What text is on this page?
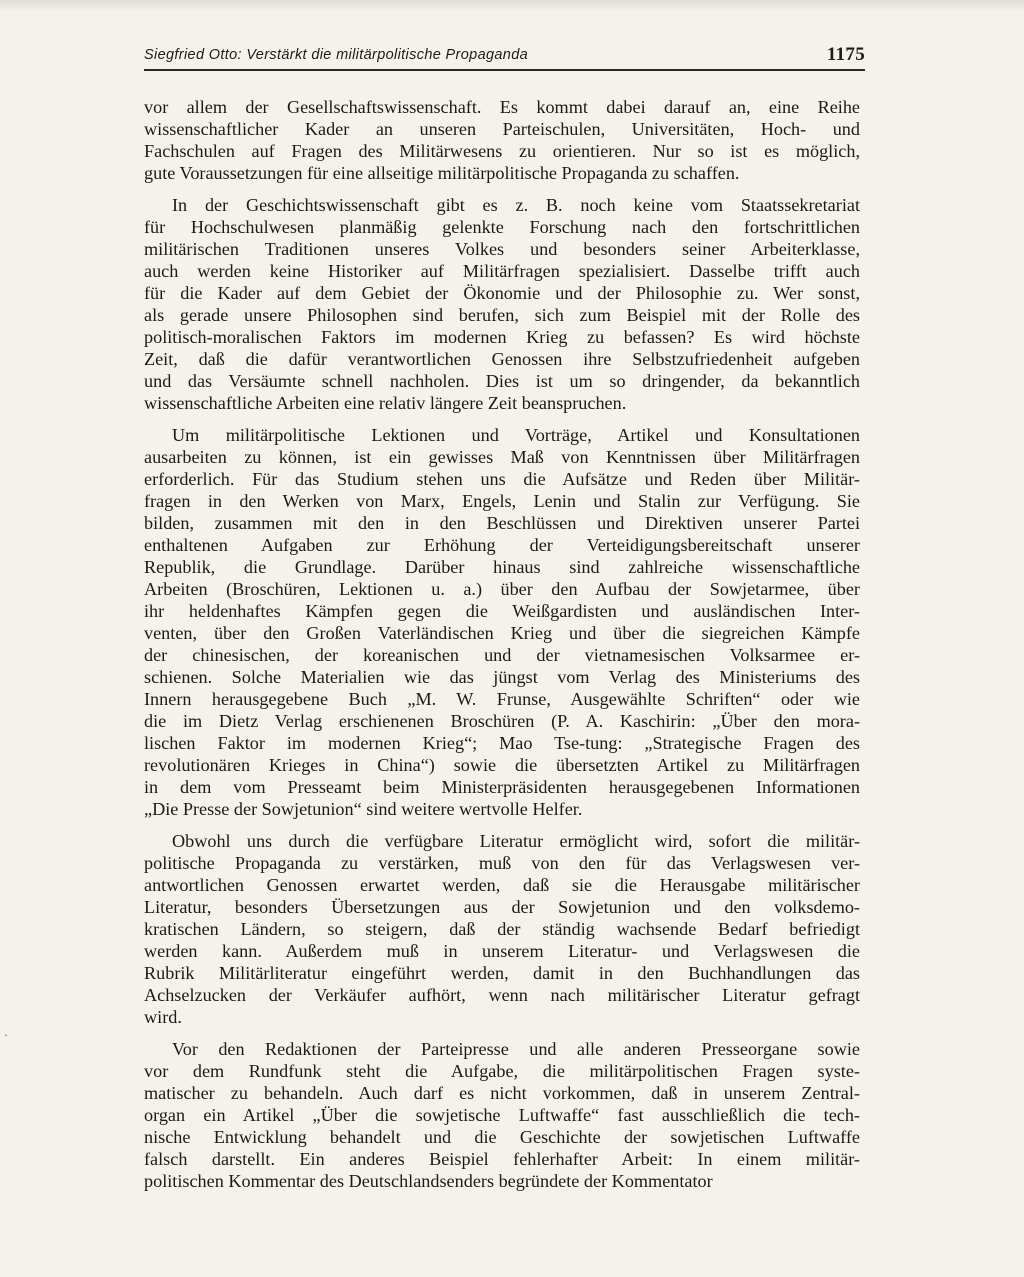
Siegfried Otto: Verstärkt die militärpolitische Propaganda	1175
vor allem der Gesellschaftswissenschaft. Es kommt dabei darauf an, eine Reihe
wissenschaftlicher Kader an unseren Parteischulen, Universitäten, Hoch- und
Fachschulen auf Fragen des Militärwesens zu orientieren. Nur so ist es möglich,
gute Voraussetzungen für eine allseitige militärpolitische Propaganda zu schaffen.
In der Geschichtswissenschaft gibt es z. B. noch keine vom Staatssekretariat
für Hochschulwesen planmäßig gelenkte Forschung nach den fortschrittlichen
militärischen Traditionen unseres Volkes und besonders seiner Arbeiterklasse,
auch werden keine Historiker auf Militärfragen spezialisiert. Dasselbe trifft auch
für die Kader auf dem Gebiet der Ökonomie und der Philosophie zu. Wer sonst,
als gerade unsere Philosophen sind berufen, sich zum Beispiel mit der Rolle des
politisch-moralischen Faktors im modernen Krieg zu befassen? Es wird höchste
Zeit, daß die dafür verantwortlichen Genossen ihre Selbstzufriedenheit aufgeben
und das Versäumte schnell nachholen. Dies ist um so dringender, da bekanntlich
wissenschaftliche Arbeiten eine relativ längere Zeit beanspruchen.
Um militärpolitische Lektionen und Vorträge, Artikel und Konsultationen
ausarbeiten zu können, ist ein gewisses Maß von Kenntnissen über Militärfragen
erforderlich. Für das Studium stehen uns die Aufsätze und Reden über Militär-
fragen in den Werken von Marx, Engels, Lenin und Stalin zur Verfügung. Sie
bilden, zusammen mit den in den Beschlüssen und Direktiven unserer Partei
enthaltenen Aufgaben zur Erhöhung der Verteidigungsbereitschaft unserer
Republik, die Grundlage. Darüber hinaus sind zahlreiche wissenschaftliche
Arbeiten (Broschüren, Lektionen u. a.) über den Aufbau der Sowjetarmee, über
ihr heldenhaftes Kämpfen gegen die Weißgardisten und ausländischen Inter-
venten, über den Großen Vaterländischen Krieg und über die siegreichen Kämpfe
der chinesischen, der koreanischen und der vietnamesischen Volksarmee er-
schienen. Solche Materialien wie das jüngst vom Verlag des Ministeriums des
Innern herausgegebene Buch „M. W. Frunse, Ausgewählte Schriften“ oder wie
die im Dietz Verlag erschienenen Broschüren (P. A. Kaschirin: „Über den mora-
lischen Faktor im modernen Krieg“; Mao Tse-tung: „Strategische Fragen des
revolutionären Krieges in China“) sowie die übersetzten Artikel zu Militärfragen
in dem vom Presseamt beim Ministerpräsidenten herausgegebenen Informationen
„Die Presse der Sowjetunion“ sind weitere wertvolle Helfer.
Obwohl uns durch die verfügbare Literatur ermöglicht wird, sofort die militär-
politische Propaganda zu verstärken, muß von den für das Verlagswesen ver-
antwortlichen Genossen erwartet werden, daß sie die Herausgabe militärischer
Literatur, besonders Übersetzungen aus der Sowjetunion und den volksdemo-
kratischen Ländern, so steigern, daß der ständig wachsende Bedarf befriedigt
werden kann. Außerdem muß in unserem Literatur- und Verlagswesen die
Rubrik Militärliteratur eingeführt werden, damit in den Buchhandlungen das
Achselzucken der Verkäufer aufhört, wenn nach militärischer Literatur gefragt
wird.
Vor den Redaktionen der Parteipresse und alle anderen Presseorgane sowie
vor dem Rundfunk steht die Aufgabe, die militärpolitischen Fragen syste-
matischer zu behandeln. Auch darf es nicht vorkommen, daß in unserem Zentral-
organ ein Artikel „Über die sowjetische Luftwaffe“ fast ausschließlich die tech-
nische Entwicklung behandelt und die Geschichte der sowjetischen Luftwaffe
falsch darstellt. Ein anderes Beispiel fehlerhafter Arbeit: In einem militär-
politischen Kommentar des Deutschlandsenders begründete der Kommentator
·
